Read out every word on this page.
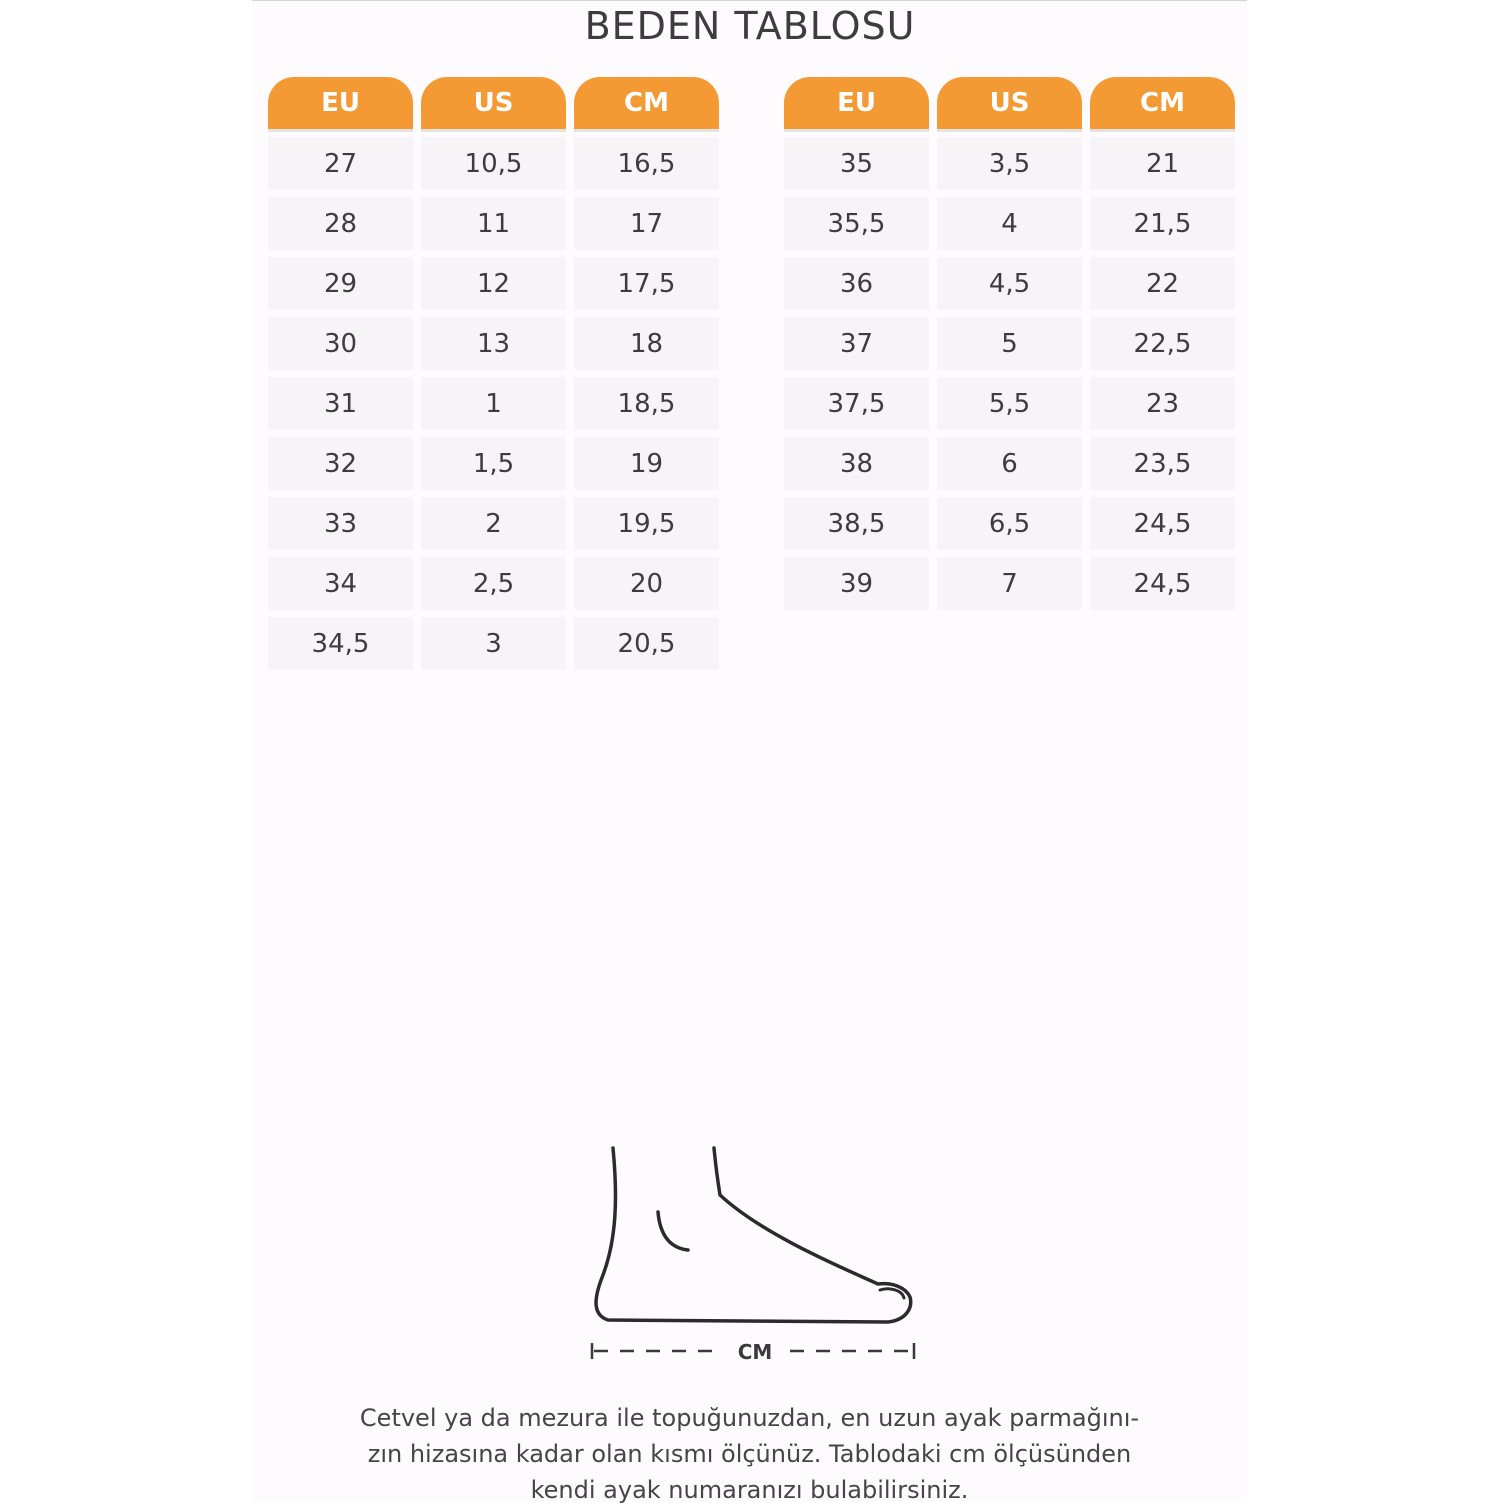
BEDEN TABLOSU
EU	US	CM
27	10,5	16,5
28	11	17
29	12	17,5
30	13	18
31	1	18,5
32	1,5	19
33	2	19,5
34	2,5	20
34,5	3	20,5
EU	US	CM
35	3,5	21
35,5	4	21,5
36	4,5	22
37	5	22,5
37,5	5,5	23
38	6	23,5
38,5	6,5	24,5
39	7	24,5
CM
Cetvel ya da mezura ile topuğunuzdan, en uzun ayak parmağını-
zın hizasına kadar olan kısmı ölçünüz. Tablodaki cm ölçüsünden
kendi ayak numaranızı bulabilirsiniz.
